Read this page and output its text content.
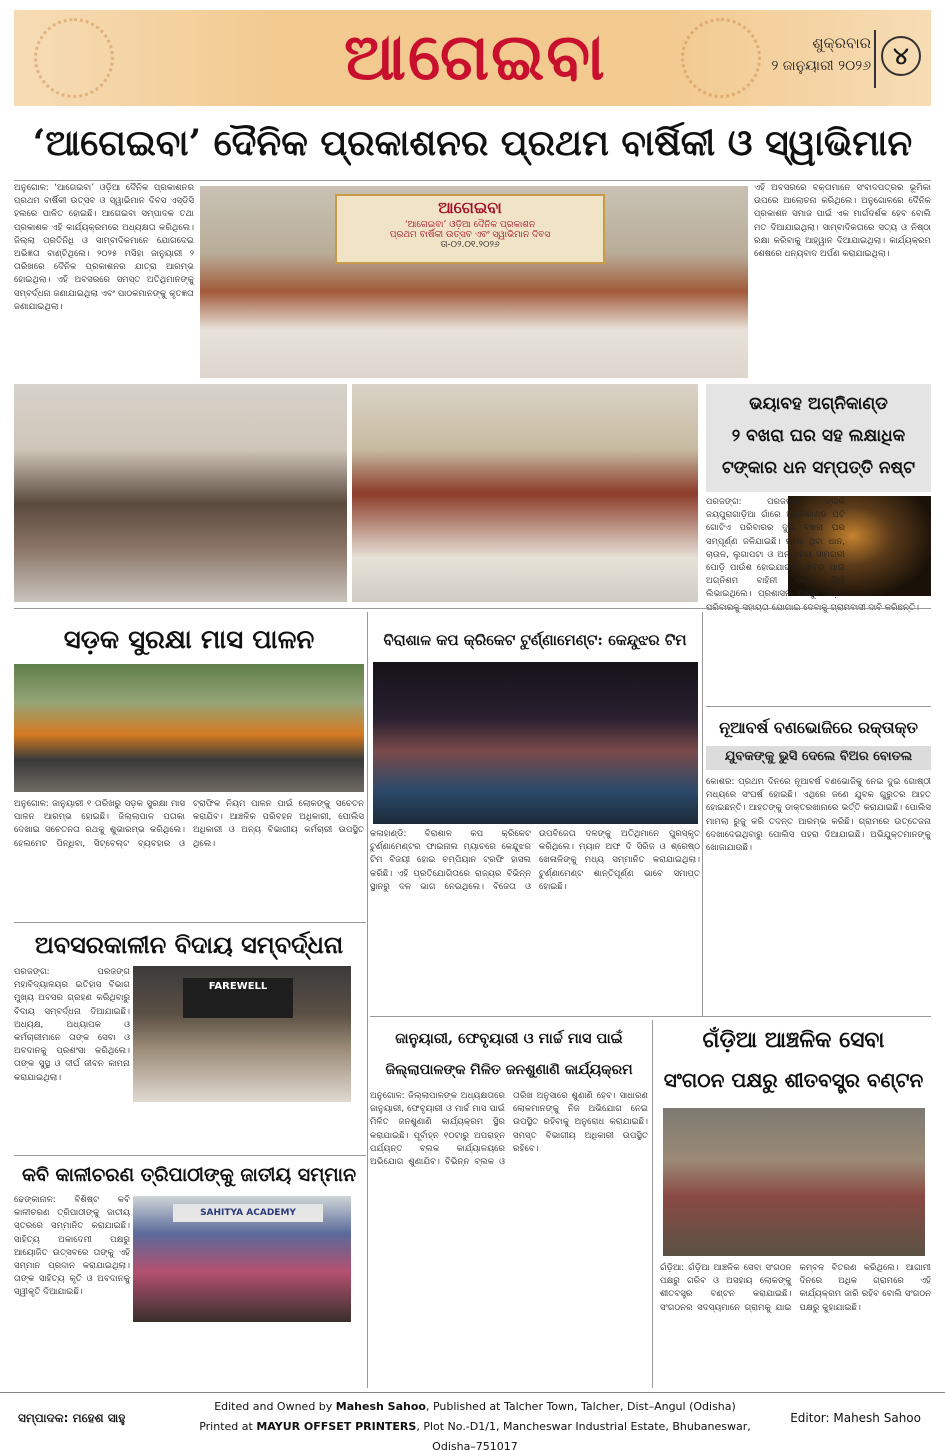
ଆଗେଇବା	ଶୁକ୍ରବାର
୨ ଜାନୁୟାରୀ ୨୦୨୬ ୪
‘ଆଗେଇବା’ ଦୈନିକ ପ୍ରକାଶନର ପ୍ରଥମ ବାର୍ଷିକୀ ଓ ସ୍ୱାଭିମାନ
ଅନୁଗୋଳ: ‘ଆଗେଇବା’ ଓଡ଼ିଆ ଦୈନିକ ପ୍ରକାଶନର ପ୍ରଥମ ବାର୍ଷିକୀ ଉତ୍ସବ ଓ ସ୍ୱାଭିମାନ ଦିବସ ଏସ୍‌ଡିସି ହଲରେ ପାଳିତ ହୋଇଛି। ଆଗେଇବା ସମ୍ପାଦକ ତଥା ପ୍ରକାଶକ ଏହି କାର୍ଯ୍ୟକ୍ରମରେ ଅଧ୍ୟକ୍ଷତା କରିଥିଲେ। ଜିଲ୍ଲା ପ୍ରତିନିଧି ଓ ସାମ୍ବାଦିକମାନେ ଯୋଗଦେଇ ଅଭିଜ୍ଞତା ବାଣ୍ଟିଥିଲେ। ୨୦୨୫ ମସିହା ଜାନୁୟାରୀ ୨ ତାରିଖରେ ଦୈନିକ ପ୍ରକାଶନର ଯାତ୍ରା ଆରମ୍ଭ ହୋଇଥିଲା। ଏହି ଅବସରରେ ସମସ୍ତ ଅତିଥିମାନଙ୍କୁ ସମ୍ବର୍ଦ୍ଧନା ଜଣାଯାଇଥିଲା ଏବଂ ପାଠକମାନଙ୍କୁ କୃତଜ୍ଞତା ଜଣାଯାଇଥିଲା।
ଆଗେଇବା
‘ଆଗେଇବା’ ଓଡ଼ିଆ ଦୈନିକ ପ୍ରକାଶନ
ପ୍ରଥମ ବାର୍ଷିକୀ ଉତ୍ସବ ଏବଂ ସ୍ୱାଭିମାନ ଦିବସ
ତା-୦୨.୦୧.୨୦୨୬
ଏହି ଅବସରରେ ବକ୍ତାମାନେ ସଂବାଦପତ୍ରର ଭୂମିକା ଉପରେ ଆଲୋଚନା କରିଥିଲେ। ଅନୁଗୋଳରେ ଦୈନିକ ପ୍ରକାଶନ ସମାଜ ପାଇଁ ଏକ ମାର୍ଗଦର୍ଶକ ହେବ ବୋଲି ମତ ଦିଆଯାଇଥିଲା। ସାମ୍ବାଦିକତାରେ ସତ୍ୟ ଓ ନିଷ୍ଠା ରକ୍ଷା କରିବାକୁ ଆହ୍ୱାନ ଦିଆଯାଇଥିଲା। କାର୍ଯ୍ୟକ୍ରମ ଶେଷରେ ଧନ୍ୟବାଦ ଅର୍ପଣ କରାଯାଇଥିଲା।
ଭୟାବହ ଅଗ୍ନିକାଣ୍ଡ
୨ ବଖରା ଘର ସହ ଲକ୍ଷାଧିକ
ଟଙ୍କାର ଧନ ସମ୍ପତ୍ତି ନଷ୍ଟ
ପରଜଙ୍ଗ: ପରଜଙ୍ଗ ବ୍ଲକ ଜୟପୁରାଗାଡ଼ିଆ ଗାଁରେ ଅଗ୍ନିକାଣ୍ଡ ଘଟି ଗୋଟିଏ ପରିବାରର ଦୁଇ ବଖରା ଘର ସମ୍ପୂର୍ଣ୍ଣ ଜଳିଯାଇଛି। ଘରେ ଥିବା ଧାନ, ଚାଉଳ, ଲୁଗାପଟା ଓ ଅନ୍ୟାନ୍ୟ ସାମଗ୍ରୀ ପୋଡ଼ି ପାଉଁଶ ହୋଇଯାଇଛି। ଖବର ପାଇ ଅଗ୍ନିଶମ ବାହିନୀ ପହଞ୍ଚି ନିଆଁ ଲିଭାଇଥିଲେ। ପ୍ରଶାସନ ପକ୍ଷରୁ ପୀଡ଼ିତ
ନୂଆବର୍ଷ ବଣଭୋଜିରେ ରକ୍ତାକ୍ତ
ଯୁବକଙ୍କୁ ଭୁସି ଦେଲେ ବିଅର ବୋତଲ
କୋଶର: ପ୍ରଥମ ଦିନରେ ନୂଆବର୍ଷ ବଣଭୋଜିକୁ ନେଇ ଦୁଇ ଗୋଷ୍ଠୀ ମଧ୍ୟରେ ସଂଘର୍ଷ ହୋଇଛି। ଏଥିରେ ଜଣେ ଯୁବକ ଗୁରୁତର ଆହତ ହୋଇଛନ୍ତି। ଆହତଙ୍କୁ ଡାକ୍ତରଖାନାରେ ଭର୍ତ୍ତି କରାଯାଇଛି। ପୋଲିସ ମାମଲା ରୁଜୁ କରି ତଦନ୍ତ ଆରମ୍ଭ କରିଛି। ଗ୍ରାମରେ ଉତ୍ତେଜନା ଦେଖାଦେଇଥିବାରୁ ପୋଲିସ ପହରା ଦିଆଯାଇଛି। ଅଭିଯୁକ୍ତମାନଙ୍କୁ ଖୋଜାଯାଉଛି।
ସଡ଼କ ସୁରକ୍ଷା ମାସ ପାଳନ
ଅନୁଗୋଳ: ଜାନୁୟାରୀ ୧ ତାରିଖରୁ ସଡ଼କ ସୁରକ୍ଷା ମାସ ପାଳନ ଆରମ୍ଭ ହୋଇଛି। ଜିଲ୍ଲାପାଳ ପତାକା ଦେଖାଇ ସଚେତନତା ରଥକୁ ଶୁଭାରମ୍ଭ କରିଥିଲେ। ହେଲମେଟ ପିନ୍ଧିବା, ସିଟ୍‌ବେଲ୍ଟ ବ୍ୟବହାର ଓ ଟ୍ରାଫିକ ନିୟମ ପାଳନ ପାଇଁ ଲୋକଙ୍କୁ ସଚେତନ କରାଯିବ। ଆଞ୍ଚଳିକ ପରିବହନ ଅଧିକାରୀ, ପୋଲିସ ଅଧିକାରୀ ଓ ଅନ୍ୟ ବିଭାଗୀୟ କର୍ମଚାରୀ ଉପସ୍ଥିତ ଥିଲେ।
ବିରାଶାଳ କପ କ୍ରିକେଟ ଟୁର୍ଣ୍ଣାମେଣ୍ଟ: କେନ୍ଦୁଝର ଟିମ
କଳାହାଣ୍ଡି: ବିରାଶାଳ କପ କ୍ରିକେଟ ଟୁର୍ଣ୍ଣାମେଣ୍ଟର ଫାଇନାଲ ମ୍ୟାଚରେ କେନ୍ଦୁଝର ଟିମ ବିଜୟୀ ହୋଇ ଚମ୍ପିୟାନ ଟ୍ରଫି ହାସଲ କରିଛି। ଏହି ପ୍ରତିଯୋଗିତାରେ ରାଜ୍ୟର ବିଭିନ୍ନ ସ୍ଥାନରୁ ଦଳ ଭାଗ ନେଇଥିଲେ। ବିଜେତା ଓ ଉପବିଜେତା ଦଳଙ୍କୁ ଅତିଥିମାନେ ପୁରସ୍କୃତ କରିଥିଲେ। ମ୍ୟାନ ଅଫ ଦି ସିରିଜ ଓ ଶ୍ରେଷ୍ଠ ଖେଳାଳିଙ୍କୁ ମଧ୍ୟ ସମ୍ମାନିତ କରାଯାଇଥିଲା। ଟୁର୍ଣ୍ଣାମେଣ୍ଟ ଶାନ୍ତିପୂର୍ଣ୍ଣ ଭାବେ ସମାପ୍ତ ହୋଇଛି।
ଅବସରକାଳୀନ ବିଦାୟ ସମ୍ବର୍ଦ୍ଧନା
ପରଜଙ୍ଗ: ପରଜଙ୍ଗ ମହାବିଦ୍ୟାଳୟର ଇତିହାସ ବିଭାଗ ମୁଖ୍ୟ ଅବସର ଗ୍ରହଣ କରିଥିବାରୁ ବିଦାୟ ସମ୍ବର୍ଦ୍ଧନା ଦିଆଯାଇଛି। ଅଧ୍ୟକ୍ଷ, ଅଧ୍ୟାପକ ଓ କର୍ମଚାରୀମାନେ ତାଙ୍କ ସେବା ଓ ଅବଦାନକୁ ପ୍ରଶଂସା କରିଥିଲେ। ତାଙ୍କ ସୁସ୍ଥ ଓ ଦୀର୍ଘ ଜୀବନ କାମନା କରାଯାଇଥିଲା।
FAREWELL
କବି କାଳୀଚରଣ ତ୍ରିପାଠୀଙ୍କୁ ଜାତୀୟ ସମ୍ମାନ
ଢେଙ୍କାନାଳ: ବିଶିଷ୍ଟ କବି କାଳୀଚରଣ ତ୍ରିପାଠୀଙ୍କୁ ଜାତୀୟ ସ୍ତରରେ ସମ୍ମାନିତ କରାଯାଇଛି। ସାହିତ୍ୟ ଅକାଦେମୀ ପକ୍ଷରୁ ଆୟୋଜିତ ଉତ୍ସବରେ ତାଙ୍କୁ ଏହି ସମ୍ମାନ ପ୍ରଦାନ କରାଯାଇଥିଲା। ତାଙ୍କ ସାହିତ୍ୟ କୃତି ଓ ଅବଦାନକୁ ସ୍ୱୀକୃତି ଦିଆଯାଇଛି।
SAHITYA ACADEMY
ଜାନୁୟାରୀ, ଫେବୃୟାରୀ ଓ ମାର୍ଚ୍ଚ ମାସ ପାଇଁ
ଜିଲ୍ଲାପାଳଙ୍କ ମିଳିତ ଜନଶୁଣାଣି କାର୍ଯ୍ୟକ୍ରମ
ଅନୁଗୋଳ: ଜିଲ୍ଲାପାଳଙ୍କ ଅଧ୍ୟକ୍ଷତାରେ ଜାନୁୟାରୀ, ଫେବୃୟାରୀ ଓ ମାର୍ଚ୍ଚ ମାସ ପାଇଁ ମିଳିତ ଜନଶୁଣାଣି କାର୍ଯ୍ୟକ୍ରମ ସ୍ଥିର କରାଯାଇଛି। ପୂର୍ବାହ୍ନ ୧୦ଟାରୁ ଅପରାହ୍ନ ପର୍ଯ୍ୟନ୍ତ ବ୍ଲକ କାର୍ଯ୍ୟାଳୟରେ ଅଭିଯୋଗ ଶୁଣାଯିବ। ବିଭିନ୍ନ ବ୍ଲକ ଓ ତାରିଖ ଅନୁସାରେ ଶୁଣାଣି ହେବ। ସାଧାରଣ ଲୋକମାନଙ୍କୁ ନିଜ ଅଭିଯୋଗ ନେଇ ଉପସ୍ଥିତ ରହିବାକୁ ଅନୁରୋଧ କରାଯାଇଛି। ସମସ୍ତ ବିଭାଗୀୟ ଅଧିକାରୀ ଉପସ୍ଥିତ ରହିବେ।
ଗଁଡ଼ିଆ ଆଞ୍ଚଳିକ ସେବା
ସଂଗଠନ ପକ୍ଷରୁ ଶୀତବସ୍ତ୍ର ବଣ୍ଟନ
ଗଁଡ଼ିଆ: ଗଁଡ଼ିଆ ଆଞ୍ଚଳିକ ସେବା ସଂଗଠନ ପକ୍ଷରୁ ଗରିବ ଓ ଅସହାୟ ଲୋକଙ୍କୁ ଶୀତବସ୍ତ୍ର ବଣ୍ଟନ କରାଯାଇଛି। ସଂଗଠନର ସଦସ୍ୟମାନେ ଗ୍ରାମକୁ ଯାଇ କମ୍ବଳ ବିତରଣ କରିଥିଲେ। ଆଗାମୀ ଦିନରେ ଅଧିକ ଗ୍ରାମରେ ଏହି କାର୍ଯ୍ୟକ୍ରମ ଜାରି ରହିବ ବୋଲି ସଂଗଠନ ପକ୍ଷରୁ କୁହାଯାଇଛି।
ସମ୍ପାଦକ: ମହେଶ ସାହୁ
Edited and Owned by Mahesh Sahoo, Published at Talcher Town, Talcher, Dist–Angul (Odisha)
Printed at MAYUR OFFSET PRINTERS, Plot No.-D1/1, Mancheswar Industrial Estate, Bhubaneswar, Odisha–751017
Editor: Mahesh Sahoo
